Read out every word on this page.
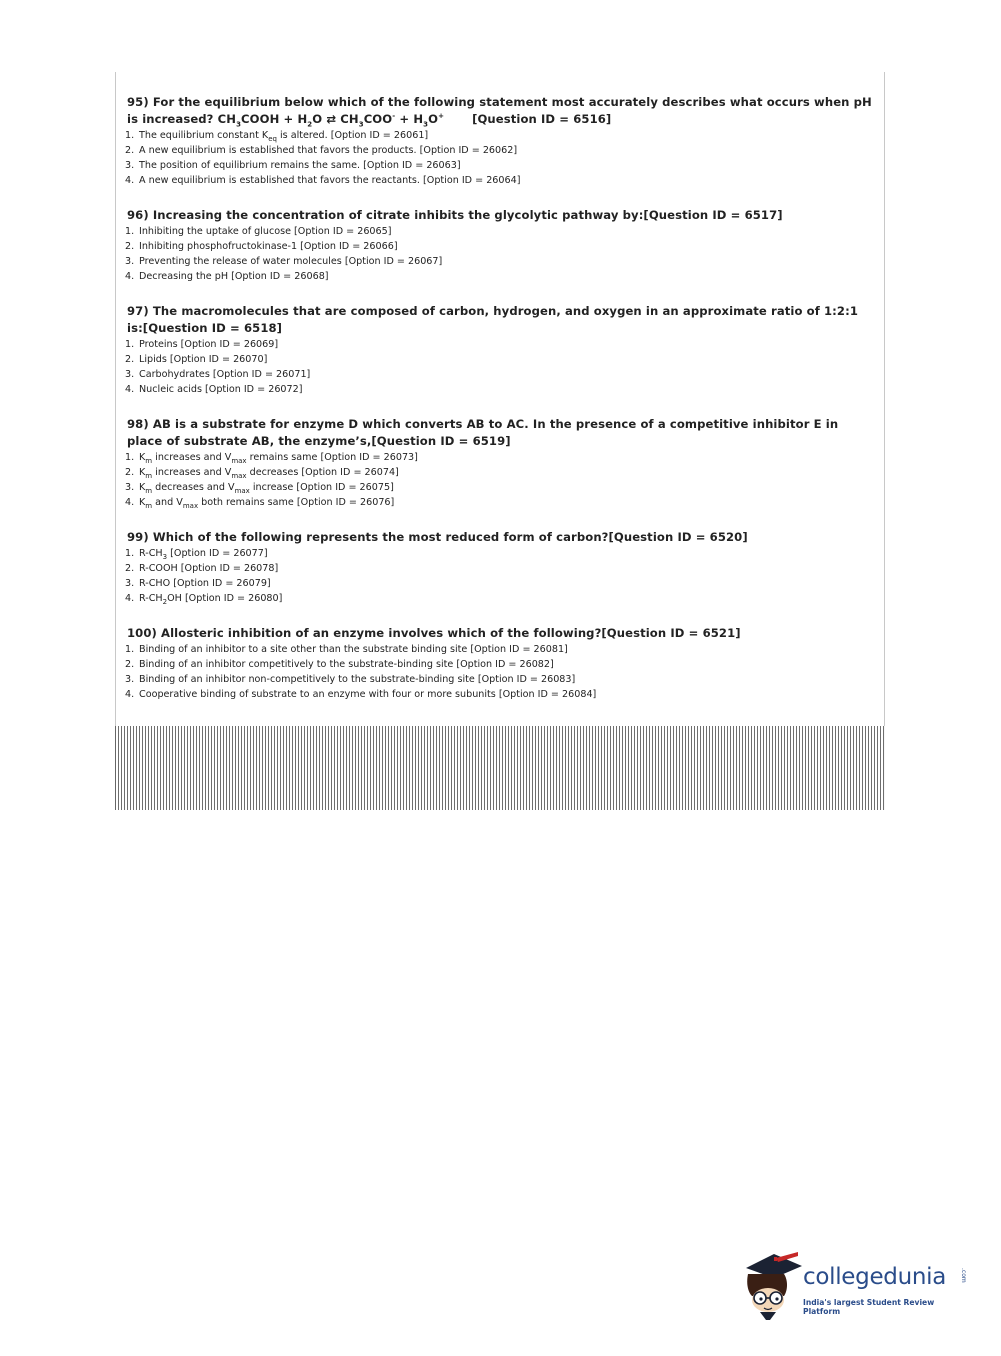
95) For the equilibrium below which of the following statement most accurately describes what occurs when pH is increased? $CH_3COOH + H_2O$ ⇄ $CH_3COO^- + H_3O^+$ [Question ID = 6516]

1. The equilibrium constant $K_{eq}$ is altered. [Option ID = 26061]
2. A new equilibrium is established that favors the products. [Option ID = 26062]
3. The position of equilibrium remains the same. [Option ID = 26063]
4. A new equilibrium is established that favors the reactants. [Option ID = 26064]

96) Increasing the concentration of citrate inhibits the glycolytic pathway by:[Question ID = 6517]

1. Inhibiting the uptake of glucose [Option ID = 26065]
2. Inhibiting phosphofructokinase-1 [Option ID = 26066]
3. Preventing the release of water molecules [Option ID = 26067]
4. Decreasing the pH [Option ID = 26068]

97) The macromolecules that are composed of carbon, hydrogen, and oxygen in an approximate ratio of 1:2:1 is:[Question ID = 6518]

1. Proteins [Option ID = 26069]
2. Lipids [Option ID = 26070]
3. Carbohydrates [Option ID = 26071]
4. Nucleic acids [Option ID = 26072]

98) AB is a substrate for enzyme D which converts AB to AC. In the presence of a competitive inhibitor E in place of substrate AB, the enzyme’s,[Question ID = 6519]

1. $K_m$ increases and $V_{max}$ remains same [Option ID = 26073]
2. $K_m$ increases and $V_{max}$ decreases [Option ID = 26074]
3. $K_m$ decreases and $V_{max}$ increase [Option ID = 26075]
4. $K_m$ and $V_{max}$ both remains same [Option ID = 26076]

99) Which of the following represents the most reduced form of carbon?[Question ID = 6520]

1. $R-CH_3$ [Option ID = 26077]
2. R-COOH [Option ID = 26078]
3. R-CHO [Option ID = 26079]
4. $R-CH_2OH$ [Option ID = 26080]

100) Allosteric inhibition of an enzyme involves which of the following?[Question ID = 6521]

1. Binding of an inhibitor to a site other than the substrate binding site [Option ID = 26081]
2. Binding of an inhibitor competitively to the substrate-binding site [Option ID = 26082]
3. Binding of an inhibitor non-competitively to the substrate-binding site [Option ID = 26083]
4. Cooperative binding of substrate to an enzyme with four or more subunits [Option ID = 26084]
collegedunia .com
India's largest Student Review Platform
